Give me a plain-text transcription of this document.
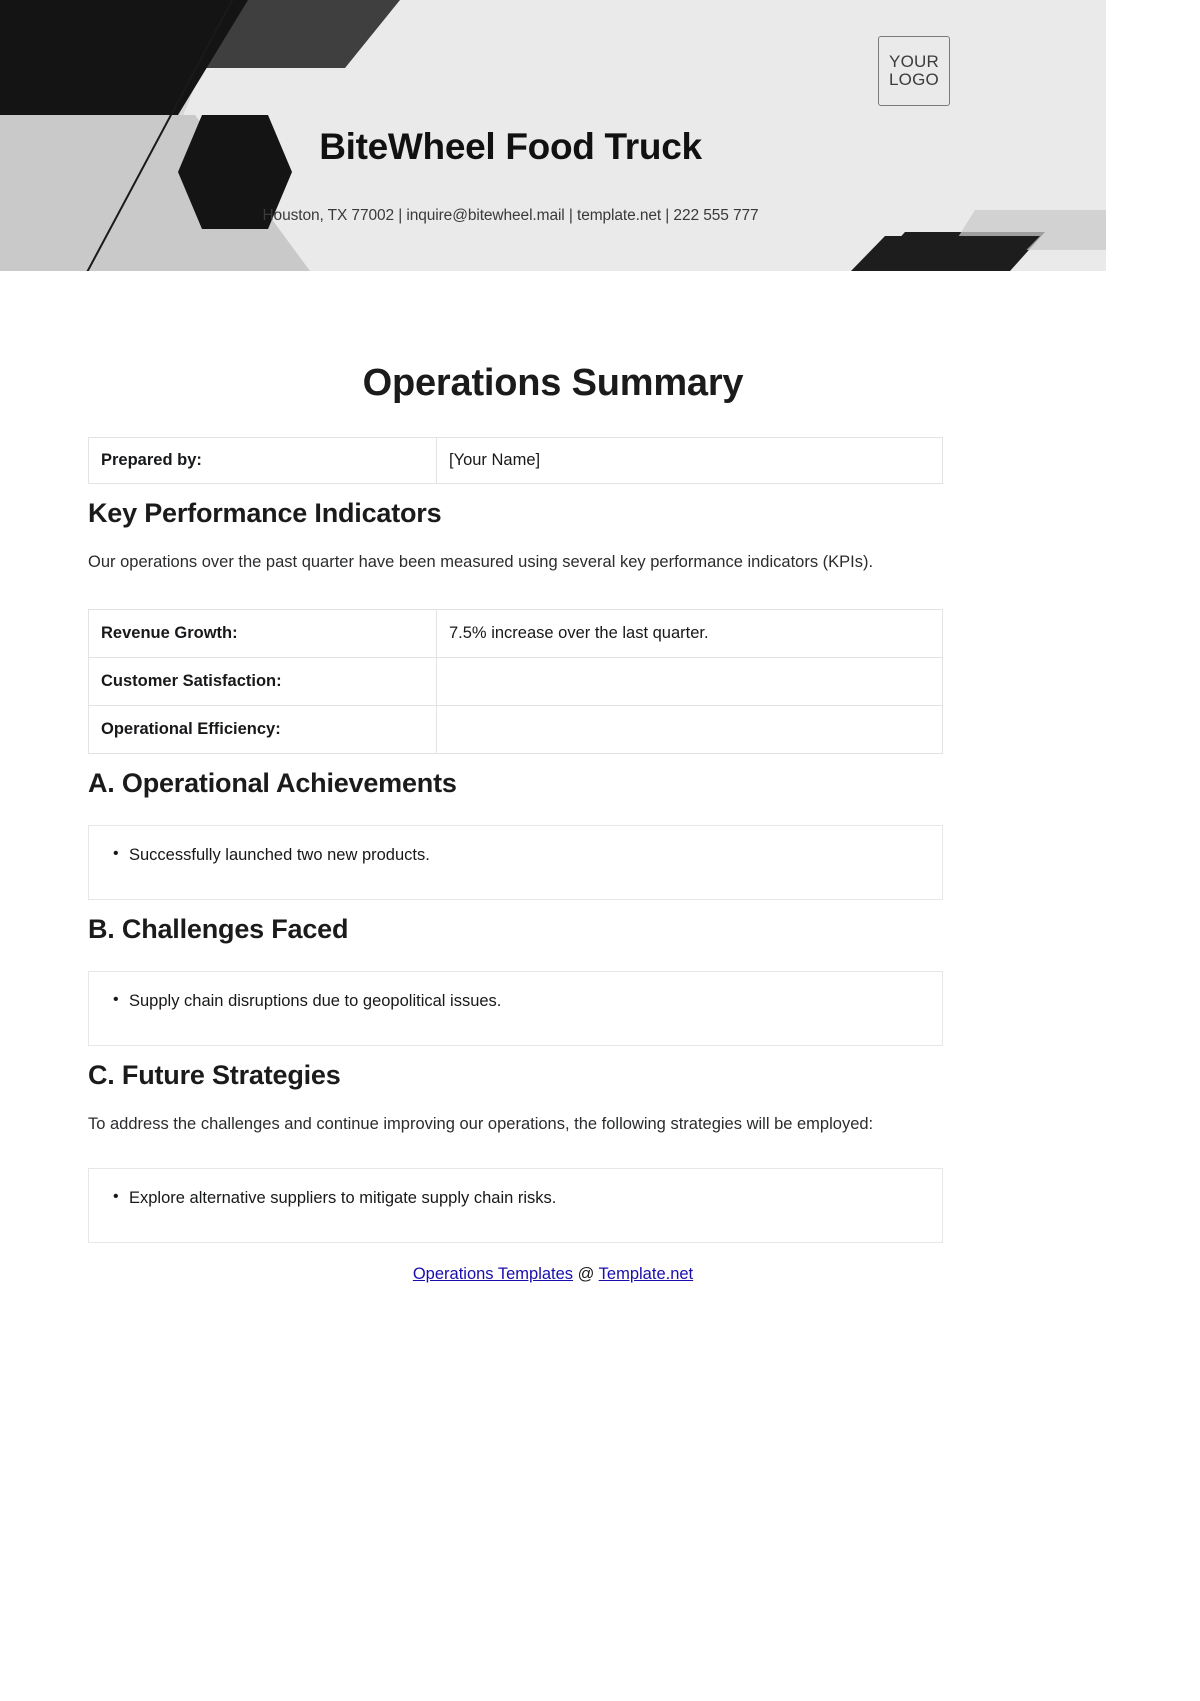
YOUR
LOGO
BiteWheel Food Truck
Houston, TX 77002 | inquire@bitewheel.mail | template.net | 222 555 777
Operations Summary
Prepared by:	[Your Name]
Key Performance Indicators

Our operations over the past quarter have been measured using several key performance indicators (KPIs).

Revenue Growth:	7.5% increase over the last quarter.
Customer Satisfaction:	
Operational Efficiency:	
A. Operational Achievements
• Successfully launched two new products.
B. Challenges Faced
• Supply chain disruptions due to geopolitical issues.
C. Future Strategies

To address the challenges and continue improving our operations, the following strategies will be employed:

• Explore alternative suppliers to mitigate supply chain risks.
Operations Templates @ Template.net
